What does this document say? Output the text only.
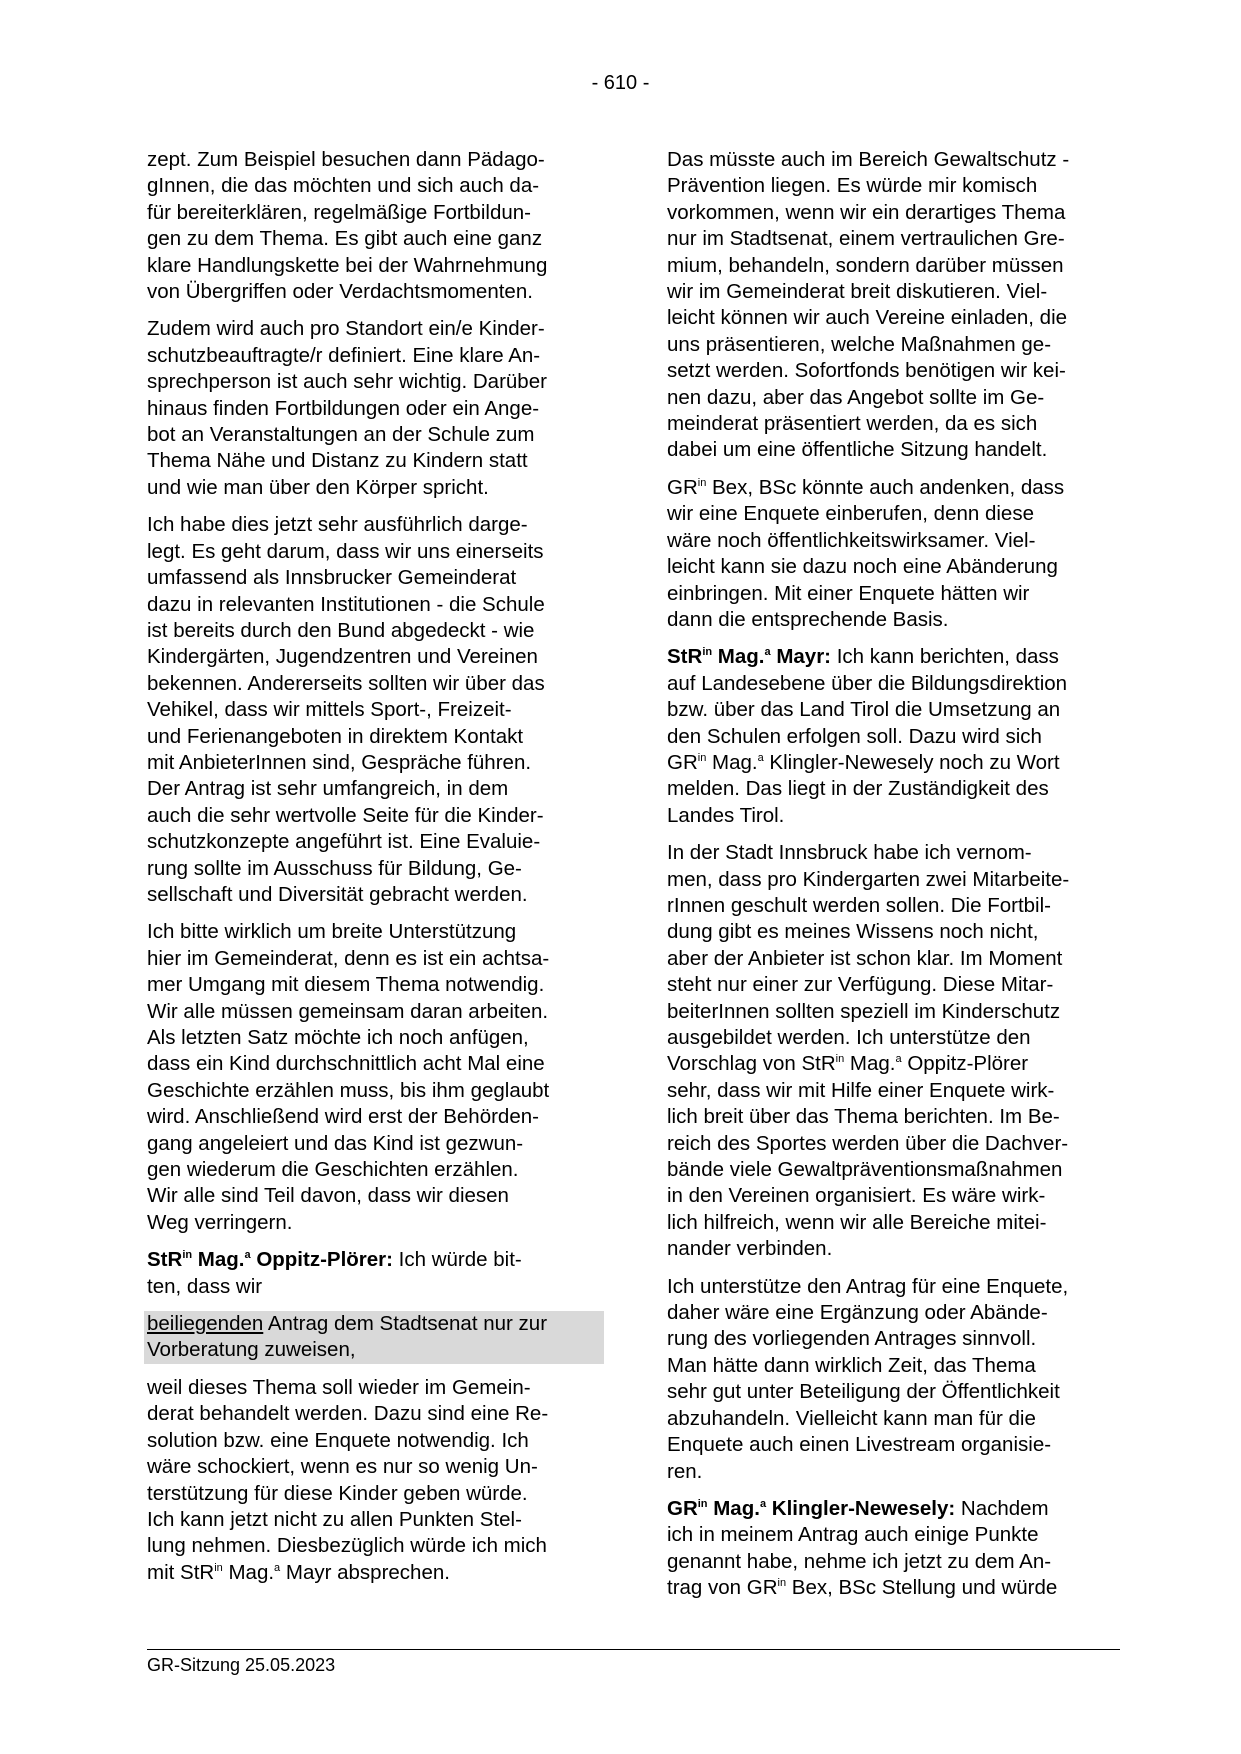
- 610 -
zept. Zum Beispiel besuchen dann Pädago-
gInnen, die das möchten und sich auch da-
für bereiterklären, regelmäßige Fortbildun-
gen zu dem Thema. Es gibt auch eine ganz
klare Handlungskette bei der Wahrnehmung
von Übergriffen oder Verdachtsmomenten.
Zudem wird auch pro Standort ein/e Kinder-
schutzbeauftragte/r definiert. Eine klare An-
sprechperson ist auch sehr wichtig. Darüber
hinaus finden Fortbildungen oder ein Ange-
bot an Veranstaltungen an der Schule zum
Thema Nähe und Distanz zu Kindern statt
und wie man über den Körper spricht.
Ich habe dies jetzt sehr ausführlich darge-
legt. Es geht darum, dass wir uns einerseits
umfassend als Innsbrucker Gemeinderat
dazu in relevanten Institutionen - die Schule
ist bereits durch den Bund abgedeckt - wie
Kindergärten, Jugendzentren und Vereinen
bekennen. Andererseits sollten wir über das
Vehikel, dass wir mittels Sport-, Freizeit-
und Ferienangeboten in direktem Kontakt
mit AnbieterInnen sind, Gespräche führen.
Der Antrag ist sehr umfangreich, in dem
auch die sehr wertvolle Seite für die Kinder-
schutzkonzepte angeführt ist. Eine Evaluie-
rung sollte im Ausschuss für Bildung, Ge-
sellschaft und Diversität gebracht werden.
Ich bitte wirklich um breite Unterstützung
hier im Gemeinderat, denn es ist ein achtsa-
mer Umgang mit diesem Thema notwendig.
Wir alle müssen gemeinsam daran arbeiten.
Als letzten Satz möchte ich noch anfügen,
dass ein Kind durchschnittlich acht Mal eine
Geschichte erzählen muss, bis ihm geglaubt
wird. Anschließend wird erst der Behörden-
gang angeleiert und das Kind ist gezwun-
gen wiederum die Geschichten erzählen.
Wir alle sind Teil davon, dass wir diesen
Weg verringern.
StR$^{in}$ Mag.$^a$ Oppitz-Plörer: Ich würde bit-
ten, dass wir
beiliegenden Antrag dem Stadtsenat nur zur
Vorberatung zuweisen,
weil dieses Thema soll wieder im Gemein-
derat behandelt werden. Dazu sind eine Re-
solution bzw. eine Enquete notwendig. Ich
wäre schockiert, wenn es nur so wenig Un-
terstützung für diese Kinder geben würde.
Ich kann jetzt nicht zu allen Punkten Stel-
lung nehmen. Diesbezüglich würde ich mich
mit StR$^{in}$ Mag.$^a$ Mayr absprechen.
Das müsste auch im Bereich Gewaltschutz -
Prävention liegen. Es würde mir komisch
vorkommen, wenn wir ein derartiges Thema
nur im Stadtsenat, einem vertraulichen Gre-
mium, behandeln, sondern darüber müssen
wir im Gemeinderat breit diskutieren. Viel-
leicht können wir auch Vereine einladen, die
uns präsentieren, welche Maßnahmen ge-
setzt werden. Sofortfonds benötigen wir kei-
nen dazu, aber das Angebot sollte im Ge-
meinderat präsentiert werden, da es sich
dabei um eine öffentliche Sitzung handelt.
$GR^{in}$ Bex, BSc könnte auch andenken, dass
wir eine Enquete einberufen, denn diese
wäre noch öffentlichkeitswirksamer. Viel-
leicht kann sie dazu noch eine Abänderung
einbringen. Mit einer Enquete hätten wir
dann die entsprechende Basis.
StR$^{in}$ Mag.$^a$ Mayr: Ich kann berichten, dass
auf Landesebene über die Bildungsdirektion
bzw. über das Land Tirol die Umsetzung an
den Schulen erfolgen soll. Dazu wird sich
$GR^{in}$ Mag.$^a$ Klingler-Newesely noch zu Wort
melden. Das liegt in der Zuständigkeit des
Landes Tirol.
In der Stadt Innsbruck habe ich vernom-
men, dass pro Kindergarten zwei Mitarbeite-
rInnen geschult werden sollen. Die Fortbil-
dung gibt es meines Wissens noch nicht,
aber der Anbieter ist schon klar. Im Moment
steht nur einer zur Verfügung. Diese Mitar-
beiterInnen sollten speziell im Kinderschutz
ausgebildet werden. Ich unterstütze den
Vorschlag von StR$^{in}$ Mag.$^a$ Oppitz-Plörer
sehr, dass wir mit Hilfe einer Enquete wirk-
lich breit über das Thema berichten. Im Be-
reich des Sportes werden über die Dachver-
bände viele Gewaltpräventionsmaßnahmen
in den Vereinen organisiert. Es wäre wirk-
lich hilfreich, wenn wir alle Bereiche mitei-
nander verbinden.
Ich unterstütze den Antrag für eine Enquete,
daher wäre eine Ergänzung oder Abände-
rung des vorliegenden Antrages sinnvoll.
Man hätte dann wirklich Zeit, das Thema
sehr gut unter Beteiligung der Öffentlichkeit
abzuhandeln. Vielleicht kann man für die
Enquete auch einen Livestream organisie-
ren.
$GR^{in}$ Mag.$^a$ Klingler-Newesely: Nachdem
ich in meinem Antrag auch einige Punkte
genannt habe, nehme ich jetzt zu dem An-
trag von $GR^{in}$ Bex, BSc Stellung und würde
GR-Sitzung 25.05.2023
